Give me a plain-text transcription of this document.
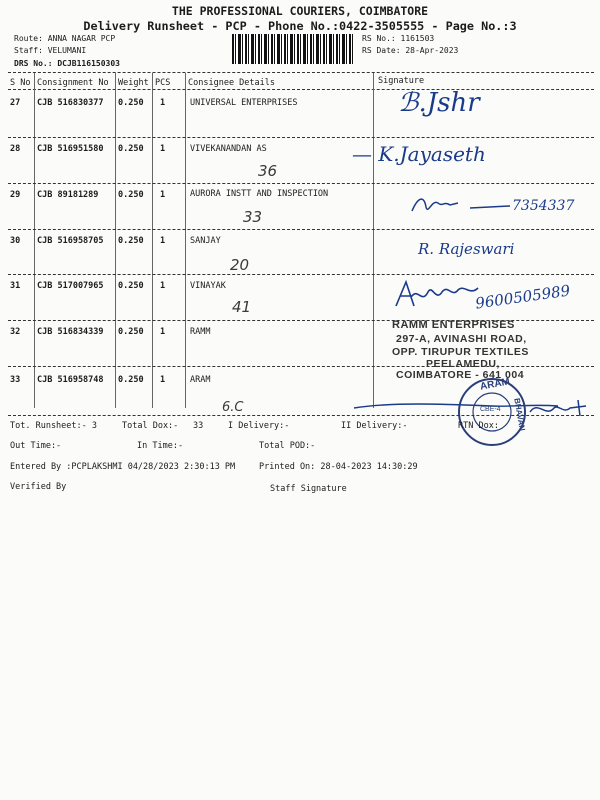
THE PROFESSIONAL COURIERS, COIMBATORE
Delivery Runsheet - PCP - Phone No.:0422-3505555 - Page No.:3
Route: ANNA NAGAR PCP
Staff: VELUMANI
DRS No.: DCJB116150303
RS No.: 1161503
RS Date: 28-Apr-2023
S No Consignment No Weight PCS Consignee Details	Signature
27 CJB 516830377 0.250 1	UNIVERSAL ENTERPRISES	ℬ.Jshr
28 CJB 516951580 0.250 1	VIVEKANANDAN AS
36
— K.Jayaseth
29 CJB 89181289 0.250 1	AURORA INSTT AND INSPECTION
33
7354337
30 CJB 516958705 0.250 1	SANJAY
20
R. Rajeswari
31 CJB 517007965 0.250 1	VINAYAK
41	9600505989
32 CJB 516834339 0.250 1	RAMM
RAMM ENTERPRISES
297-A, AVINASHI ROAD,
OPP. TIRUPUR TEXTILES
PEELAMEDU,
COIMBATORE - 641 004
33 CJB 516958748 0.250 1	ARAM
6.C
ARAM
BHAVAN
CBE-4
Tot. Runsheet:- 3	Total Dox:- 33	I Delivery:-	II Delivery:-	RTN Dox:
Out Time:-	In Time:-	Total POD:-
Entered By :PCPLAKSHMI 04/28/2023 2:30:13 PM	Printed On: 28-04-2023 14:30:29
Verified By	Staff Signature
